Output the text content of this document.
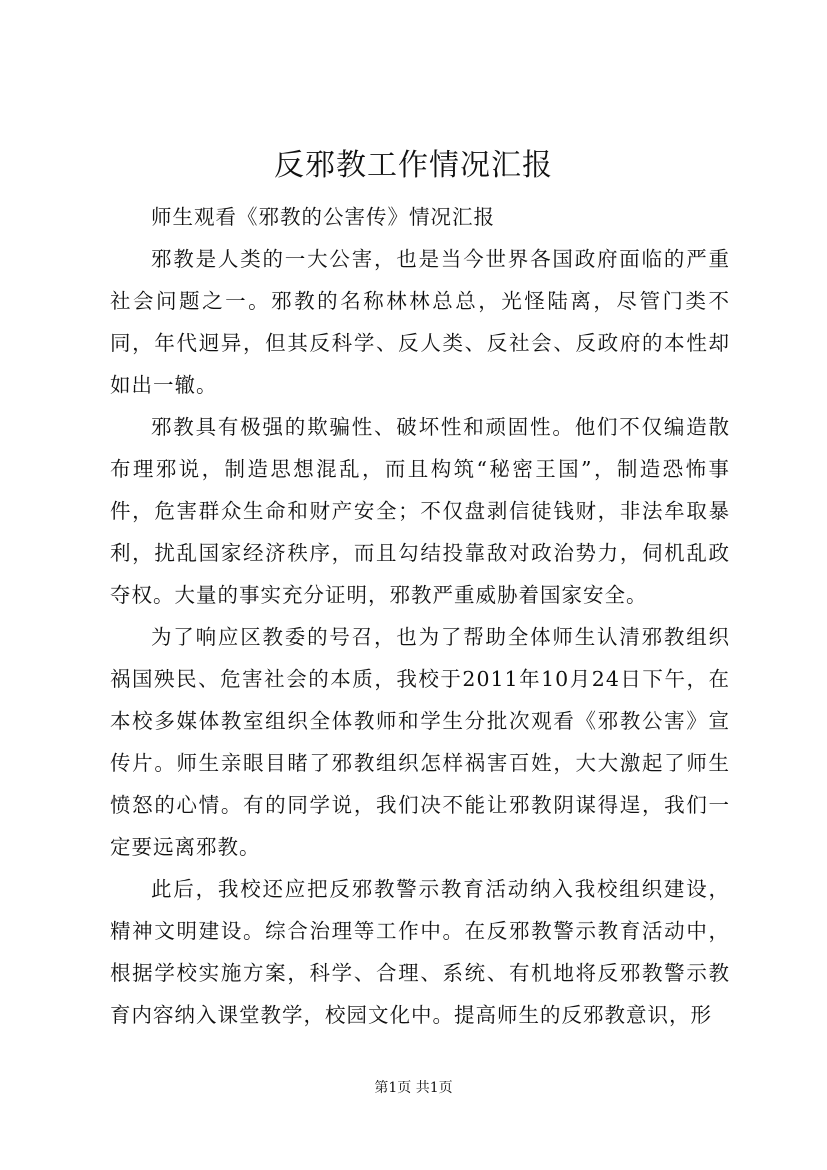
反邪教工作情况汇报

师生观看《邪教的公害传》情况汇报

邪教是人类的一大公害，也是当今世界各国政府面临的严重社会问题之一。邪教的名称林林总总，光怪陆离，尽管门类不同，年代迥异，但其反科学、反人类、反社会、反政府的本性却如出一辙。

邪教具有极强的欺骗性、破坏性和顽固性。他们不仅编造散布理邪说，制造思想混乱，而且构筑“秘密王国”，制造恐怖事件，危害群众生命和财产安全；不仅盘剥信徒钱财，非法牟取暴利，扰乱国家经济秩序，而且勾结投靠敌对政治势力，伺机乱政夺权。大量的事实充分证明，邪教严重威胁着国家安全。

为了响应区教委的号召，也为了帮助全体师生认清邪教组织祸国殃民、危害社会的本质，我校于2011年10月24日下午，在本校多媒体教室组织全体教师和学生分批次观看《邪教公害》宣传片。师生亲眼目睹了邪教组织怎样祸害百姓，大大激起了师生愤怒的心情。有的同学说，我们决不能让邪教阴谋得逞，我们一定要远离邪教。

此后，我校还应把反邪教警示教育活动纳入我校组织建设，精神文明建设。综合治理等工作中。在反邪教警示教育活动中，根据学校实施方案，科学、合理、系统、有机地将反邪教警示教育内容纳入课堂教学，校园文化中。提高师生的反邪教意识，形

第1页 共1页
